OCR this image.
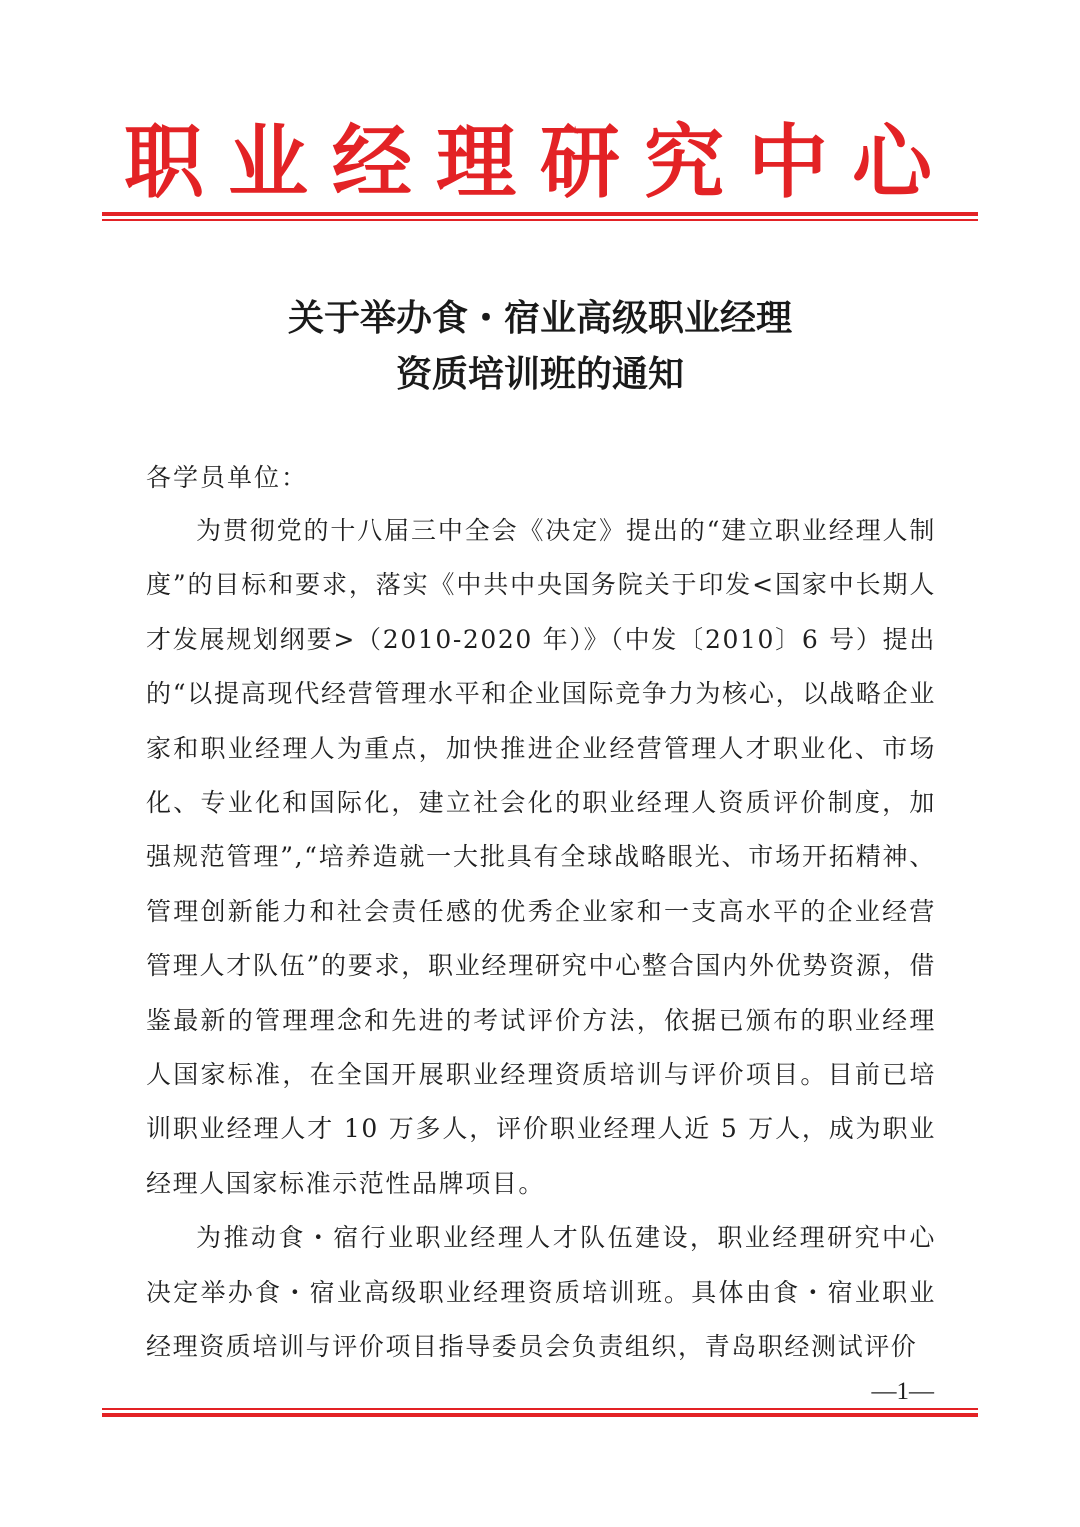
职业经理研究中心
关于举办食・宿业高级职业经理
资质培训班的通知
各学员单位：

为贯彻党的十八届三中全会《决定》提出的“建立职业经理人制度”的目标和要求，落实《中共中央国务院关于印发<国家中长期人才发展规划纲要>（2010-2020 年）》（中发〔2010〕6 号）提出的“以提高现代经营管理水平和企业国际竞争力为核心，以战略企业家和职业经理人为重点，加快推进企业经营管理人才职业化、市场化、专业化和国际化，建立社会化的职业经理人资质评价制度，加强规范管理”,“培养造就一大批具有全球战略眼光、市场开拓精神、管理创新能力和社会责任感的优秀企业家和一支高水平的企业经营管理人才队伍”的要求，职业经理研究中心整合国内外优势资源，借鉴最新的管理理念和先进的考试评价方法，依据已颁布的职业经理人国家标准，在全国开展职业经理资质培训与评价项目。目前已培训职业经理人才 10 万多人，评价职业经理人近 5 万人，成为职业经理人国家标准示范性品牌项目。

为推动食・宿行业职业经理人才队伍建设，职业经理研究中心决定举办食・宿业高级职业经理资质培训班。具体由食・宿业职业经理资质培训与评价项目指导委员会负责组织，青岛职经测试评价

—1—
